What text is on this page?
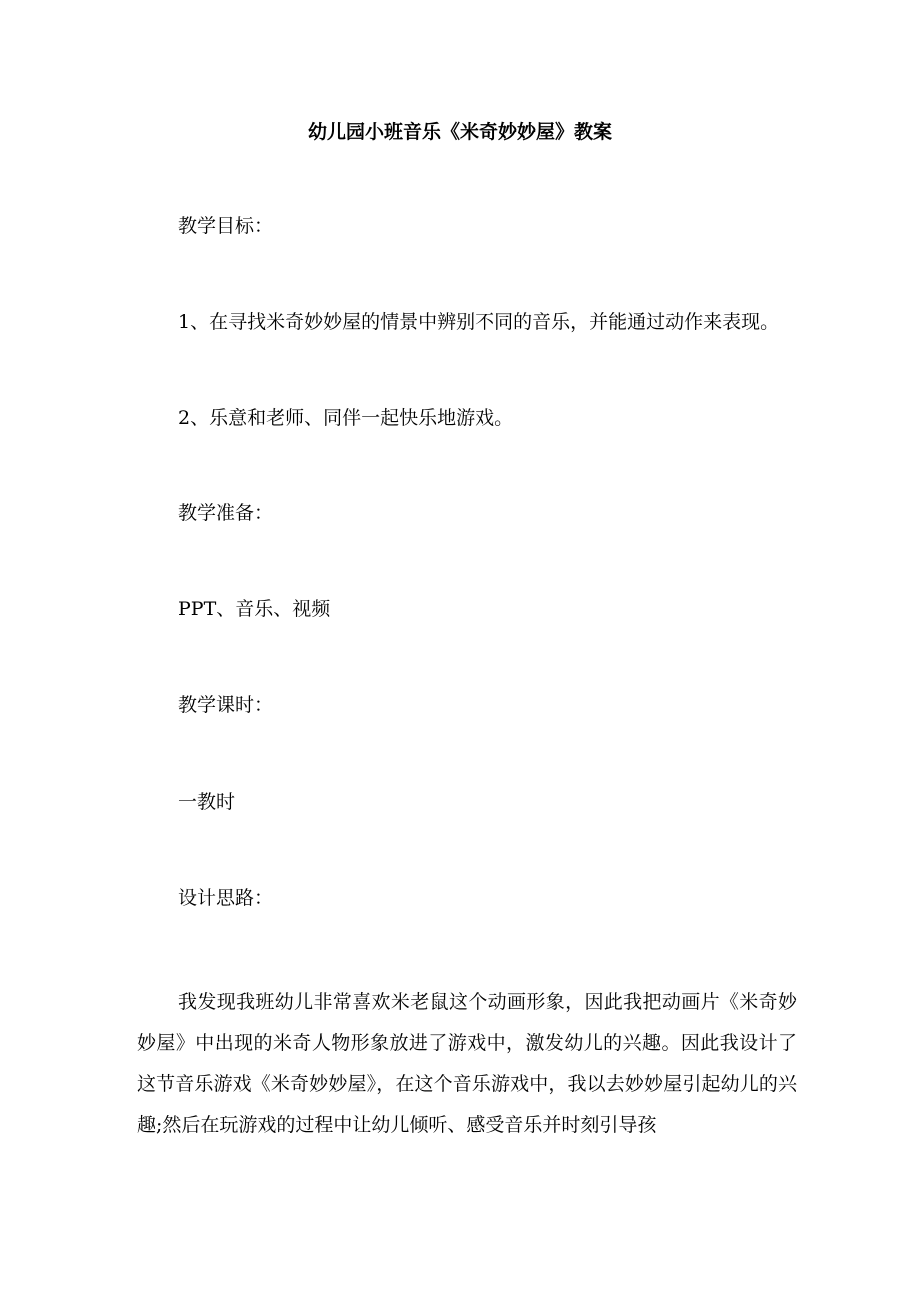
幼儿园小班音乐《米奇妙妙屋》教案
教学目标：
1、在寻找米奇妙妙屋的情景中辨别不同的音乐，并能通过动作来表现。
2、乐意和老师、同伴一起快乐地游戏。
教学准备：
PPT、音乐、视频
教学课时：
一教时
设计思路：
我发现我班幼儿非常喜欢米老鼠这个动画形象，因此我把动画片《米奇妙妙屋》中出现的米奇人物形象放进了游戏中，激发幼儿的兴趣。因此我设计了这节音乐游戏《米奇妙妙屋》，在这个音乐游戏中，我以去妙妙屋引起幼儿的兴趣;然后在玩游戏的过程中让幼儿倾听、感受音乐并时刻引导孩
